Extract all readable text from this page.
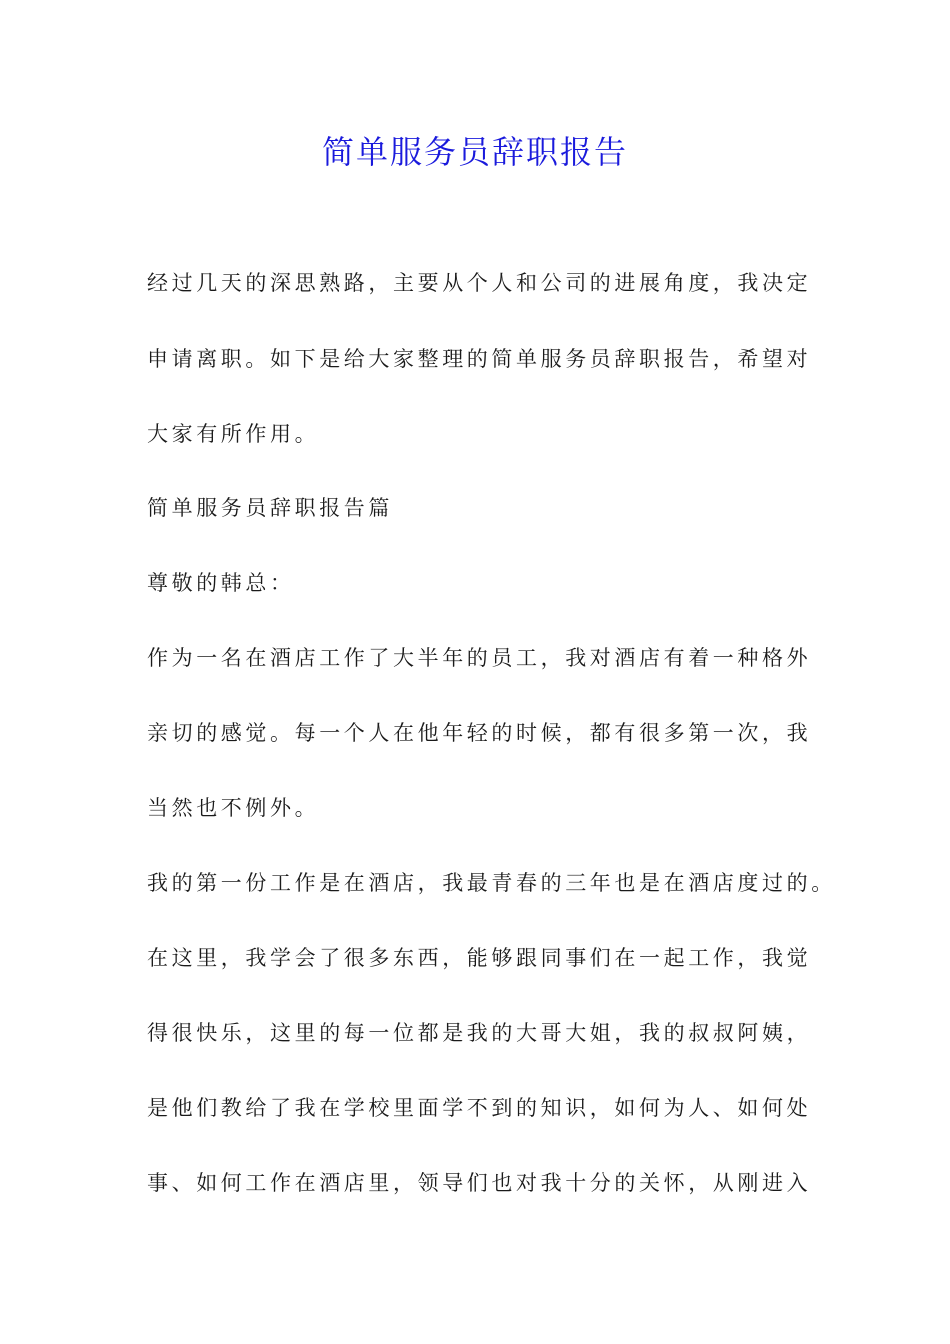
简单服务员辞职报告
经过几天的深思熟路，主要从个人和公司的进展角度，我决定
申请离职。如下是给大家整理的简单服务员辞职报告，希望对
大家有所作用。
简单服务员辞职报告篇
尊敬的韩总：
作为一名在酒店工作了大半年的员工，我对酒店有着一种格外
亲切的感觉。每一个人在他年轻的时候，都有很多第一次，我
当然也不例外。
我的第一份工作是在酒店，我最青春的三年也是在酒店度过的。
在这里，我学会了很多东西，能够跟同事们在一起工作，我觉
得很快乐，这里的每一位都是我的大哥大姐，我的叔叔阿姨，
是他们教给了我在学校里面学不到的知识，如何为人、如何处
事、如何工作在酒店里，领导们也对我十分的关怀，从刚进入
